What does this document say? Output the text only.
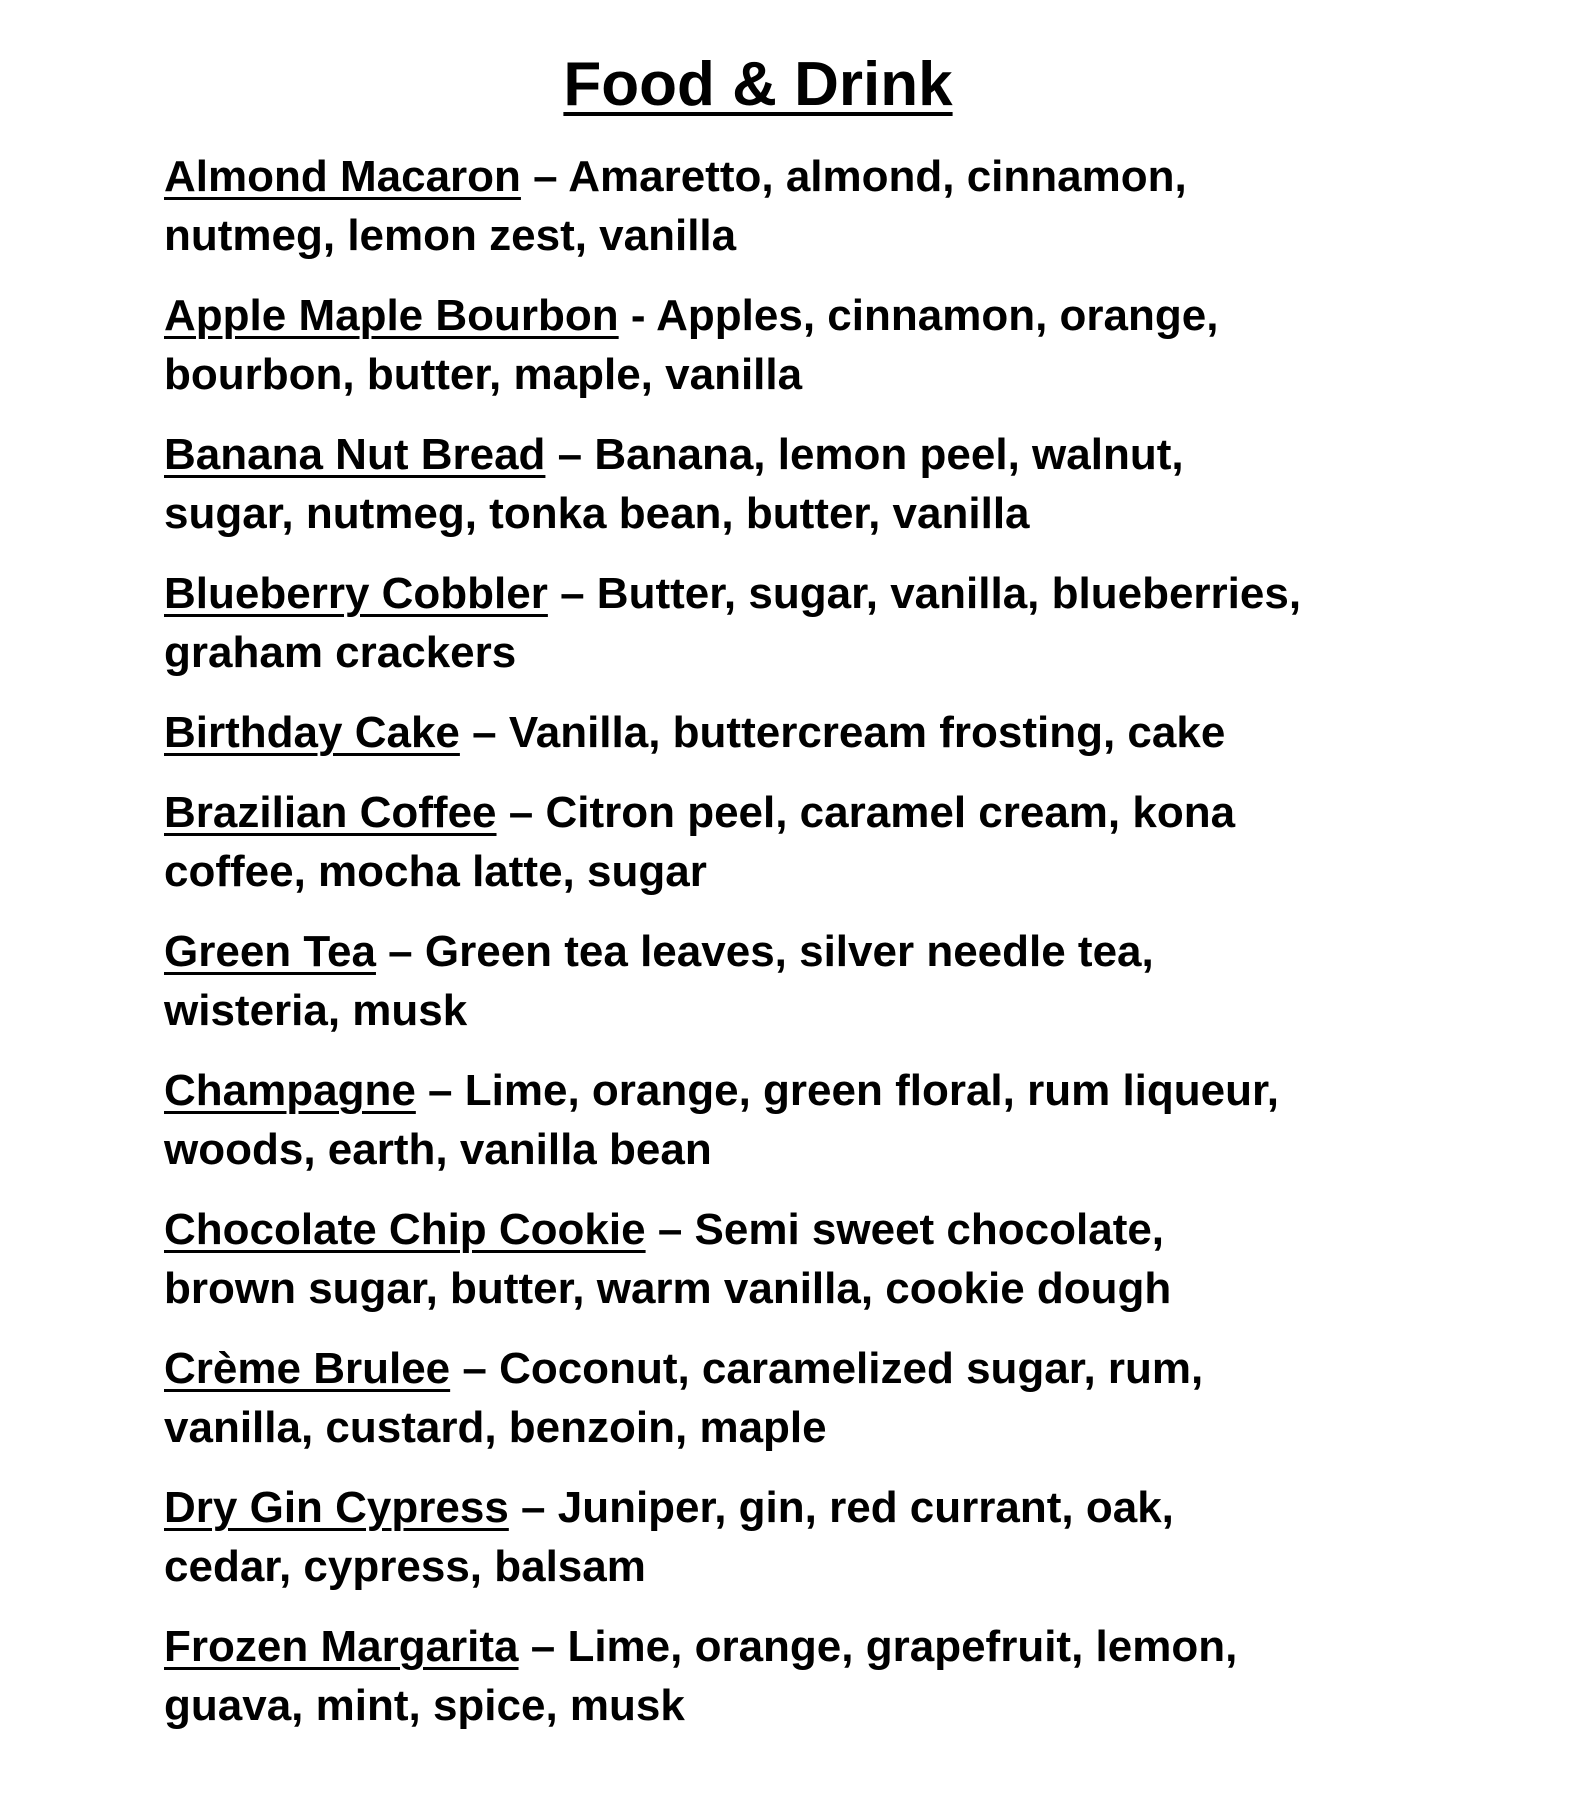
Food & Drink
Almond Macaron – Amaretto, almond, cinnamon,
nutmeg, lemon zest, vanilla
Apple Maple Bourbon - Apples, cinnamon, orange,
bourbon, butter, maple, vanilla
Banana Nut Bread – Banana, lemon peel, walnut,
sugar, nutmeg, tonka bean, butter, vanilla
Blueberry Cobbler – Butter, sugar, vanilla, blueberries,
graham crackers
Birthday Cake – Vanilla, buttercream frosting, cake
Brazilian Coffee – Citron peel, caramel cream, kona
coffee, mocha latte, sugar
Green Tea – Green tea leaves, silver needle tea,
wisteria, musk
Champagne – Lime, orange, green floral, rum liqueur,
woods, earth, vanilla bean
Chocolate Chip Cookie – Semi sweet chocolate,
brown sugar, butter, warm vanilla, cookie dough
Crème Brulee – Coconut, caramelized sugar, rum,
vanilla, custard, benzoin, maple
Dry Gin Cypress – Juniper, gin, red currant, oak,
cedar, cypress, balsam
Frozen Margarita – Lime, orange, grapefruit, lemon,
guava, mint, spice, musk
